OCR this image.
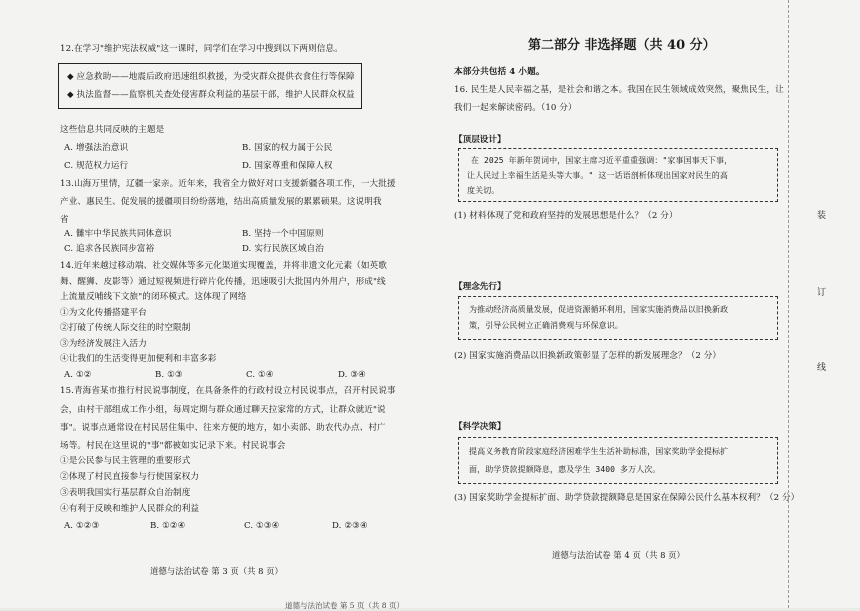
12.在学习"维护宪法权威"这一课时，同学们在学习中搜到以下两则信息。
◆ 应急救助——地震后政府迅速组织救援，为受灾群众提供衣食住行等保障
◆ 执法监督——监察机关查处侵害群众利益的基层干部，维护人民群众权益
这些信息共同反映的主题是
A. 增强法治意识	B. 国家的权力属于公民
C. 规范权力运行	D. 国家尊重和保障人权
13.山海万里情，辽疆一家亲。近年来，我省全力做好对口支援新疆各项工作，一大批援
产业、惠民生、促发展的援疆项目纷纷落地，结出高质量发展的累累硕果。这说明我
省
A. 雠牢中华民族共同体意识	B. 坚持一个中国原则
C. 追求各民族同步富裕	D. 实行民族区域自治
14.近年来越过移动端、社交媒体等多元化渠道实现覆盖，并将非遗文化元素（如英歌
舞、醒狮、皮影等）通过短视频进行碎片化传播，迅速吸引大批国内外用户，形成"线
上流量反哺线下文旅"的闭环模式。这体现了网络
①为文化传播搭建平台
②打破了传统人际交往的时空限制
③为经济发展注入活力
④让我们的生活变得更加便利和丰富多彩
A. ①②	B. ①③	C. ①④	D. ③④
15.青海省某市推行村民说事制度，在具备条件的行政村设立村民说事点，召开村民说事
会，由村干部组成工作小组，每周定期与群众通过聊天拉家常的方式，让群众就近"说
事"。说事点通常设在村民居住集中、往来方便的地方，如小卖部、助农代办点、村广
场等。村民在这里说的"事"都被如实记录下来。村民说事会
①是公民参与民主管理的重要形式
②体现了村民直接参与行使国家权力
③表明我国实行基层群众自治制度
④有利于反映和维护人民群众的利益
A. ①②③	B. ①②④	C. ①③④	D. ②③④
道德与法治试卷 第 3 页（共 8 页）
道德与法治试卷 第 5 页（共 8 页）
第二部分 非选择题（共 40 分）
本部分共包括 4 小题。
16. 民生是人民幸福之基，是社会和谐之本。我国在民生领域成效突然，聚焦民生，让
我们一起来解读密码。（10 分）
【顶层设计】
在 2025 年新年贺词中，国家主席习近平重重强调："家事国事天下事，
让人民过上幸福生活是头等大事。" 这一话语剖析体现出国家对民生的高
度关切。
(1) 材料体现了党和政府坚持的发展思想是什么？（2 分）
【理念先行】
为推动经济高质量发展，促进资源循环利用，国家实施消费品以旧换新政
策，引导公民树立正确消费观与环保意识。
(2) 国家实施消费品以旧换新政策彰显了怎样的新发展理念？（2 分）
【科学决策】
提高义务教育阶段家庭经济困难学生生活补助标准，国家奖助学金提标扩
面，助学贷款提额降息，惠及学生 3400 多万人次。
(3) 国家奖助学金提标扩面、助学贷款提额降息是国家在保障公民什么基本权利？（2 分）
道德与法治试卷 第 4 页（共 8 页）
装
订
线
